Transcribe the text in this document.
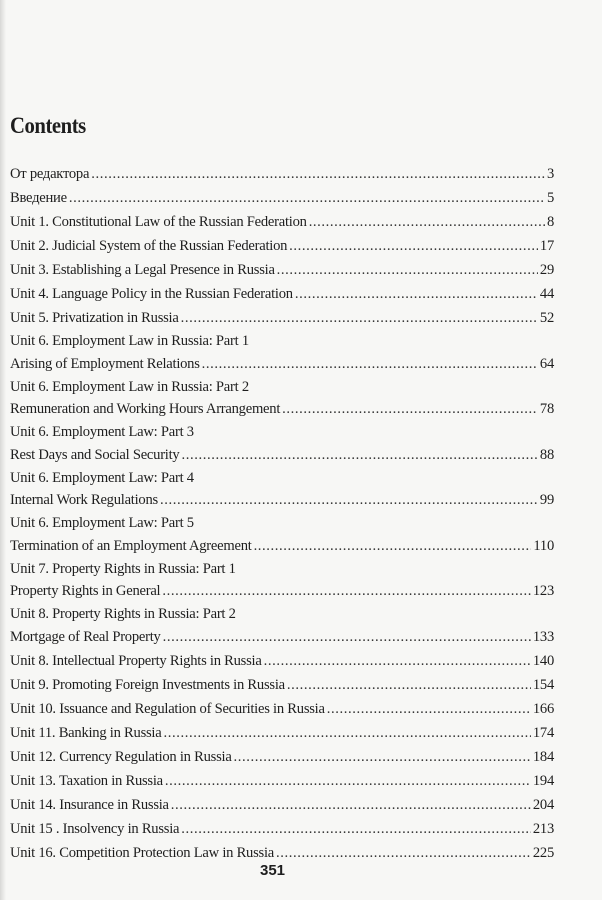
Contents
От редактора .....	3
Введение .....	5
Unit 1. Constitutional Law of the Russian Federation .....	8
Unit 2. Judicial System of the Russian Federation .....	17
Unit 3. Establishing a Legal Presence in Russia .....	29
Unit 4. Language Policy in the Russian Federation .....	44
Unit 5. Privatization in Russia .....	52
Unit 6. Employment Law in Russia: Part 1
Arising of Employment Relations .....	64
Unit 6. Employment Law in Russia: Part 2
Remuneration and Working Hours Arrangement .....	78
Unit 6. Employment Law: Part 3
Rest Days and Social Security .....	88
Unit 6. Employment Law: Part 4
Internal Work Regulations .....	99
Unit 6. Employment Law: Part 5
Termination of an Employment Agreement .....	110
Unit 7. Property Rights in Russia: Part 1
Property Rights in General .....	123
Unit 8. Property Rights in Russia: Part 2
Mortgage of Real Property .....	133
Unit 8. Intellectual Property Rights in Russia .....	140
Unit 9. Promoting Foreign Investments in Russia .....	154
Unit 10. Issuance and Regulation of Securities in Russia .....	166
Unit 11. Banking in Russia .....	174
Unit 12. Currency Regulation in Russia .....	184
Unit 13. Taxation in Russia .....	194
Unit 14. Insurance in Russia .....	204
Unit 15 . Insolvency in Russia .....	213
Unit 16. Competition Protection Law in Russia .....	225
351
